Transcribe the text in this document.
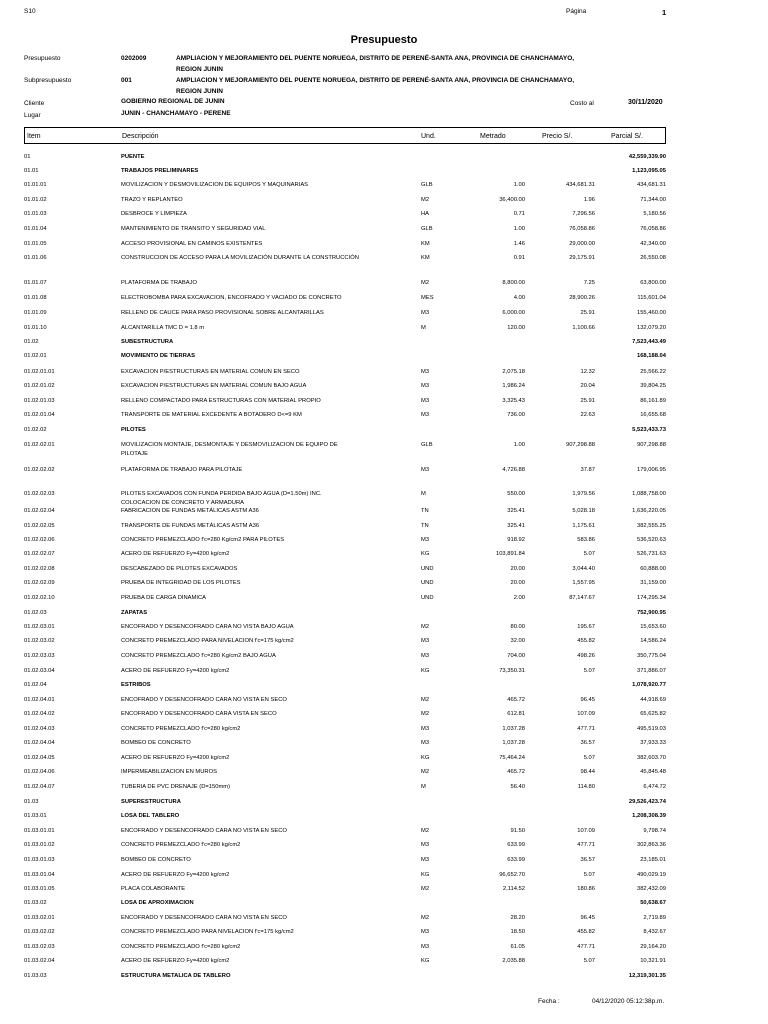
S10	Página	1
Presupuesto
Presupuesto	0202009	AMPLIACION Y MEJORAMIENTO DEL PUENTE NORUEGA, DISTRITO DE PERENÉ-SANTA ANA, PROVINCIA DE CHANCHAMAYO, REGION JUNIN
Subpresupuesto	001	AMPLIACION Y MEJORAMIENTO DEL PUENTE NORUEGA, DISTRITO DE PERENÉ-SANTA ANA, PROVINCIA DE CHANCHAMAYO, REGION JUNIN
Cliente	GOBIERNO REGIONAL DE JUNIN	Costo al	30/11/2020
Lugar	JUNIN - CHANCHAMAYO - PERENE
Item	Descripción	Und.	Metrado	Precio S/.	Parcial S/.
01	PUENTE	42,559,339.90
01.01	TRABAJOS PRELIMINARES	1,123,095.05
01.01.01	MOVILIZACION Y DESMOVILIZACION DE EQUIPOS Y MAQUINARIAS	GLB	1.00	434,681.31	434,681.31
01.01.02	TRAZO Y REPLANTEO	M2	36,400.00	1.96	71,344.00
01.01.03	DESBROCE Y LIMPIEZA	HA	0.71	7,296.56	5,180.56
01.01.04	MANTENIMIENTO DE TRANSITO Y SEGURIDAD VIAL	GLB	1.00	76,058.86	76,058.86
01.01.05	ACCESO PROVISIONAL EN CAMINOS EXISTENTES	KM	1.46	29,000.00	42,340.00
01.01.06	CONSTRUCCION DE ACCESO PARA LA MOVILIZACIÓN DURANTE LA CONSTRUCCIÓN	KM	0.91	29,175.91	26,550.08
01.01.07	PLATAFORMA DE TRABAJO	M2	8,800.00	7.25	63,800.00
01.01.08	ELECTROBOMBA PARA EXCAVACION, ENCOFRADO Y VACIADO DE CONCRETO	MES	4.00	28,900.26	115,601.04
01.01.09	RELLENO DE CAUCE PARA PASO PROVISIONAL SOBRE ALCANTARILLAS	M3	6,000.00	25.91	155,460.00
01.01.10	ALCANTARILLA TMC D = 1.8 m	M	120.00	1,100.66	132,079.20
01.02	SUBESTRUCTURA	7,523,443.49
01.02.01	MOVIMIENTO DE TIERRAS	168,188.04
01.02.01.01	EXCAVACION P/ESTRUCTURAS EN MATERIAL COMUN EN SECO	M3	2,075.18	12.32	25,566.22
01.02.01.02	EXCAVACION P/ESTRUCTURAS EN MATERIAL COMUN BAJO AGUA	M3	1,986.24	20.04	39,804.25
01.02.01.03	RELLENO COMPACTADO PARA ESTRUCTURAS CON MATERIAL PROPIO	M3	3,325.43	25.91	86,161.89
01.02.01.04	TRANSPORTE DE MATERIAL EXCEDENTE A BOTADERO D<=9 KM	M3	736.00	22.63	16,655.68
01.02.02	PILOTES	5,523,433.73
01.02.02.01	MOVILIZACION MONTAJE, DESMONTAJE Y DESMOVILIZACION DE EQUIPO DE PILOTAJE
GLB	1.00	907,298.88	907,298.88
01.02.02.02	PLATAFORMA DE TRABAJO PARA PILOTAJE	M3	4,726.88	37.87	179,006.95
01.02.02.03	PILOTES EXCAVADOS CON FUNDA PERDIDA BAJO AGUA (D=1.50m) INC. COLOCACION DE CONCRETO Y ARMADURA
M	550.00	1,979.56	1,088,758.00
01.02.02.04	FABRICACION DE FUNDAS METÁLICAS ASTM A36	TN	325.41	5,028.18	1,636,220.05
01.02.02.05	TRANSPORTE DE FUNDAS METÁLICAS ASTM A36	TN	325.41	1,175.61	382,555.25
01.02.02.06	CONCRETO PREMEZCLADO f'c=280 Kg/cm2 PARA PILOTES	M3	918.92	583.86	536,520.63
01.02.02.07	ACERO DE REFUERZO Fy=4200 kg/cm2	KG	103,891.84	5.07	526,731.63
01.02.02.08	DESCABEZADO DE PILOTES EXCAVADOS	UND	20.00	3,044.40	60,888.00
01.02.02.09	PRUEBA DE INTEGRIDAD DE LOS PILOTES	UND	20.00	1,557.95	31,159.00
01.02.02.10	PRUEBA DE CARGA DINAMICA	UND	2.00	87,147.67	174,295.34
01.02.03	ZAPATAS	752,900.95
01.02.03.01	ENCOFRADO Y DESENCOFRADO CARA NO VISTA BAJO AGUA	M2	80.00	195.67	15,653.60
01.02.03.02	CONCRETO PREMEZCLADO PARA NIVELACION f'c=175 kg/cm2	M3	32.00	455.82	14,586.24
01.02.03.03	CONCRETO PREMEZCLADO f'c=280 Kg/cm2 BAJO AGUA	M3	704.00	498.26	350,775.04
01.02.03.04	ACERO DE REFUERZO Fy=4200 kg/cm2	KG	73,350.31	5.07	371,886.07
01.02.04	ESTRIBOS	1,078,920.77
01.02.04.01	ENCOFRADO Y DESENCOFRADO CARA NO VISTA EN SECO	M2	465.72	96.45	44,918.69
01.02.04.02	ENCOFRADO Y DESENCOFRADO CARA VISTA EN SECO	M2	612.81	107.09	65,625.82
01.02.04.03	CONCRETO PREMEZCLADO f'c=280 kg/cm2	M3	1,037.28	477.71	495,519.03
01.02.04.04	BOMBEO DE CONCRETO	M3	1,037.28	36.57	37,933.33
01.02.04.05	ACERO DE REFUERZO Fy=4200 kg/cm2	KG	75,464.24	5.07	382,603.70
01.02.04.06	IMPERMEABILIZACION EN MUROS	M2	465.72	98.44	45,845.48
01.02.04.07	TUBERIA DE PVC DRENAJE (D=150mm)	M	56.40	114.80	6,474.72
01.03	SUPERESTRUCTURA	29,526,423.74
01.03.01	LOSA DEL TABLERO	1,208,308.39
01.03.01.01	ENCOFRADO Y DESENCOFRADO CARA NO VISTA EN SECO	M2	91.50	107.09	9,798.74
01.03.01.02	CONCRETO PREMEZCLADO f'c=280 kg/cm2	M3	633.99	477.71	302,863.36
01.03.01.03	BOMBEO DE CONCRETO	M3	633.99	36.57	23,185.01
01.03.01.04	ACERO DE REFUERZO Fy=4200 kg/cm2	KG	96,652.70	5.07	490,029.19
01.03.01.05	PLACA COLABORANTE	M2	2,114.52	180.86	382,432.09
01.03.02	LOSA DE APROXIMACION	50,638.67
01.03.02.01	ENCOFRADO Y DESENCOFRADO CARA NO VISTA EN SECO	M2	28.20	96.45	2,719.89
01.03.02.02	CONCRETO PREMEZCLADO PARA NIVELACION f'c=175 kg/cm2	M3	18.50	455.82	8,432.67
01.03.02.03	CONCRETO PREMEZCLADO f'c=280 kg/cm2	M3	61.05	477.71	29,164.20
01.03.02.04	ACERO DE REFUERZO Fy=4200 kg/cm2	KG	2,035.88	5.07	10,321.91
01.03.03	ESTRUCTURA METALICA DE TABLERO	12,319,301.35
Fecha :	04/12/2020 05:12:38p.m.
